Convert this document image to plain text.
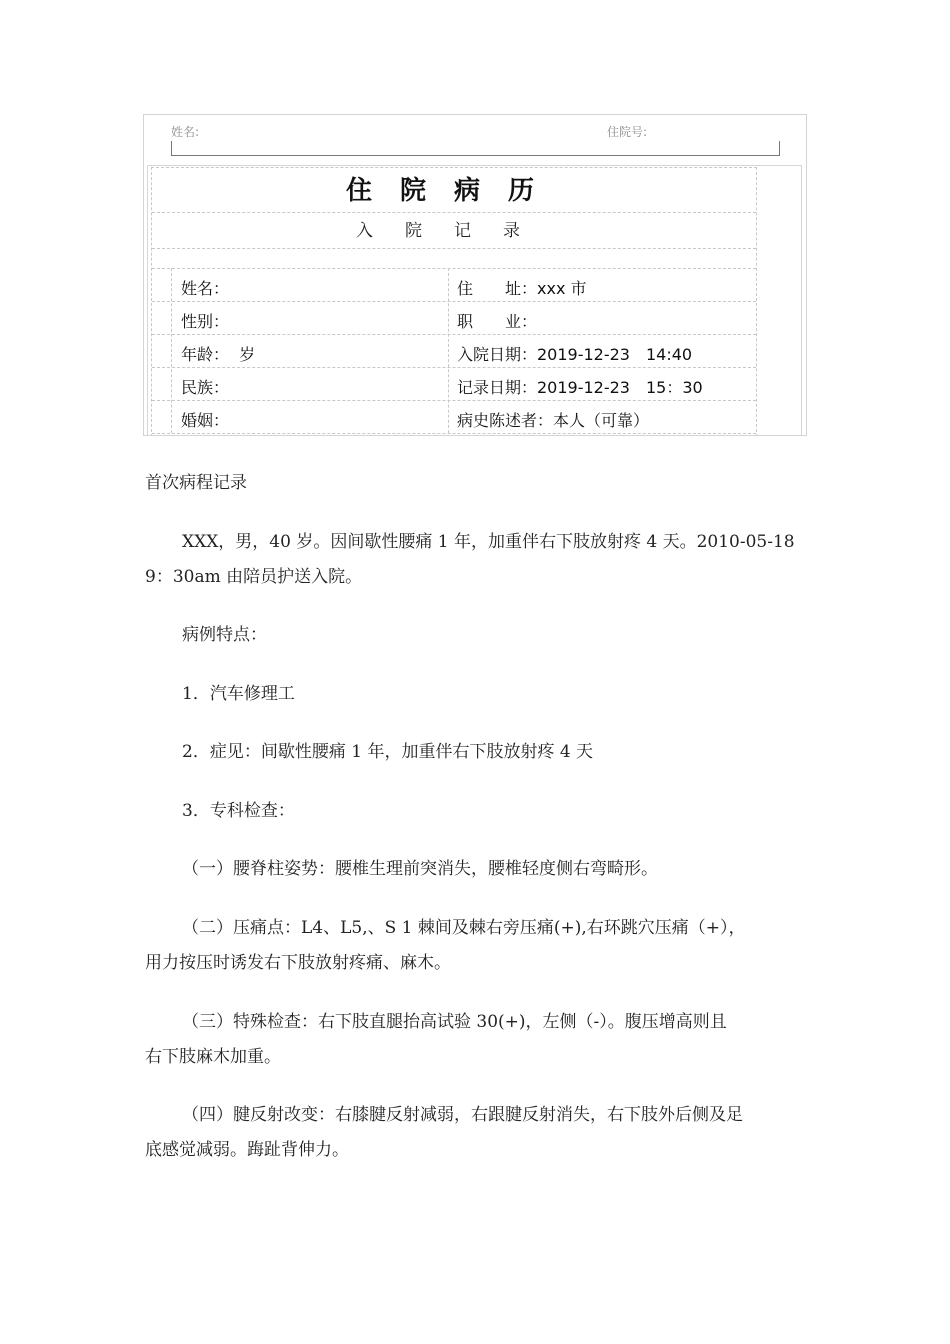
姓名:	住院号:
住院病历
入院记录
姓名：
性别：
年龄：  岁
民族：
婚姻：
住　　址：xxx 市
职　　业：
入院日期：2019-12-23　14:40
记录日期：2019-12-23　15：30
病史陈述者：本人（可靠）
首次病程记录
XXX，男，40 岁。因间歇性腰痛 1 年，加重伴右下肢放射疼 4 天。2010-05-18
9：30am 由陪员护送入院。
病例特点：
1．汽车修理工
2．症见：间歇性腰痛 1 年，加重伴右下肢放射疼 4 天
3．专科检查：
（一）腰脊柱姿势：腰椎生理前突消失，腰椎轻度侧右弯畸形。
（二）压痛点：L4、L5,、S 1 棘间及棘右旁压痛(+),右环跳穴压痛（+），
用力按压时诱发右下肢放射疼痛、麻木。
（三）特殊检查：右下肢直腿抬高试验 30(+)，左侧（-）。腹压增高则且
右下肢麻木加重。
（四）腱反射改变：右膝腱反射减弱，右跟腱反射消失，右下肢外后侧及足
底感觉减弱。踇趾背伸力。
